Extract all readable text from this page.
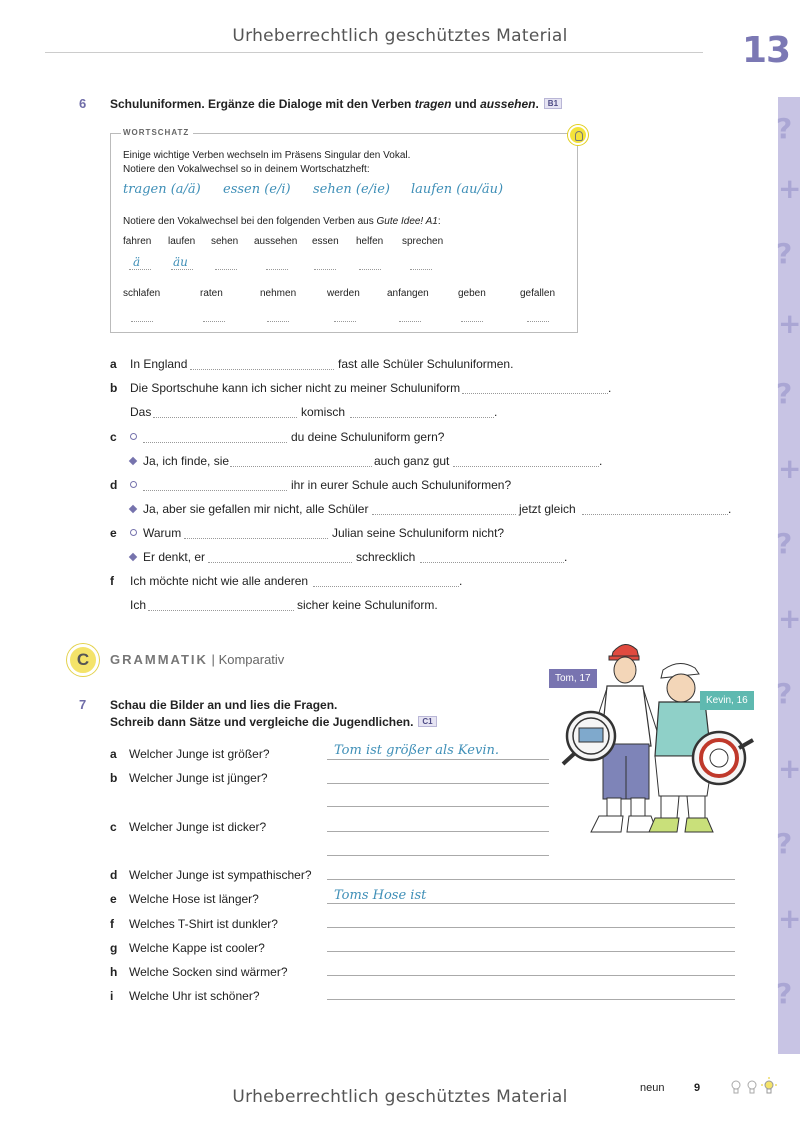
Urheberrechtlich geschütztes Material	13
?
+
?
+
?
+
?
+
?
+
?
+
?
6 Schuluniformen. Ergänze die Dialoge mit den Verben tragen und aussehen. B1
WORTSCHATZ
Einige wichtige Verben wechseln im Präsens Singular den Vokal.
Notiere den Vokalwechsel so in deinem Wortschatzheft:
tragen (a/ä) essen (e/i) sehen (e/ie) laufen (au/äu)
Notiere den Vokalwechsel bei den folgenden Verben aus Gute Idee! A1:
fahren laufen sehen aussehen essen helfen sprechen
ä	äu
schlafen	raten	nehmen	werden	anfangen	geben	gefallen
a In England	fast alle Schüler Schuluniformen.
b Die Sportschuhe kann ich sicher nicht zu meiner Schuluniform	.
Das	komisch	.
c	du deine Schuluniform gern?
Ja, ich finde, sie	auch ganz gut	.
d	ihr in eurer Schule auch Schuluniformen?
Ja, aber sie gefallen mir nicht, alle Schüler	jetzt gleich	.
e Warum	Julian seine Schuluniform nicht?
Er denkt, er	schrecklich	.
f Ich möchte nicht wie alle anderen	.
Ich	sicher keine Schuluniform.
C	GRAMMATIK | Komparativ
7 Schau die Bilder an und lies die Fragen.
Schreib dann Sätze und vergleiche die Jugendlichen. C1
Tom, 17
Kevin, 16
a Welcher Junge ist größer?	Tom ist größer als Kevin.
b Welcher Junge ist jünger?
c Welcher Junge ist dicker?
d Welcher Junge ist sympathischer?
e Welche Hose ist länger?	Toms Hose ist
f Welches T-Shirt ist dunkler?
g Welche Kappe ist cooler?
h Welche Socken sind wärmer?
i Welche Uhr ist schöner?
Urheberrechtlich geschütztes Material	neun	9
